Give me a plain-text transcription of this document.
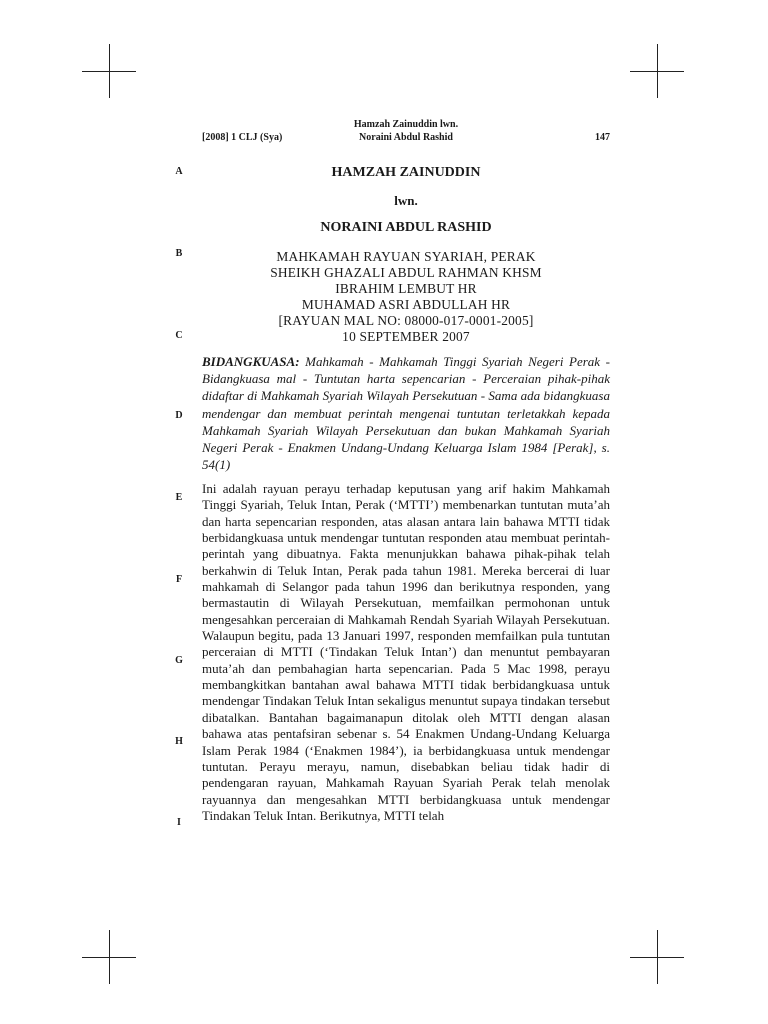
[2008] 1 CLJ (Sya)
Hamzah Zainuddin lwn.
Noraini Abdul Rashid	147
A
B
C
D
E
F
G
H
I
HAMZAH ZAINUDDIN
lwn.
NORAINI ABDUL RASHID
MAHKAMAH RAYUAN SYARIAH, PERAK
SHEIKH GHAZALI ABDUL RAHMAN KHSM
IBRAHIM LEMBUT HR
MUHAMAD ASRI ABDULLAH HR
[RAYUAN MAL NO: 08000-017-0001-2005]
10 SEPTEMBER 2007

BIDANGKUASA: Mahkamah - Mahkamah Tinggi Syariah Negeri Perak - Bidangkuasa mal - Tuntutan harta sepencarian - Perceraian pihak-pihak didaftar di Mahkamah Syariah Wilayah Persekutuan - Sama ada bidangkuasa mendengar dan membuat perintah mengenai tuntutan terletakkah kepada Mahkamah Syariah Wilayah Persekutuan dan bukan Mahkamah Syariah Negeri Perak - Enakmen Undang-Undang Keluarga Islam 1984 [Perak], s. 54(1)

Ini adalah rayuan perayu terhadap keputusan yang arif hakim Mahkamah Tinggi Syariah, Teluk Intan, Perak (‘MTTI’) membenarkan tuntutan muta’ah dan harta sepencarian responden, atas alasan antara lain bahawa MTTI tidak berbidangkuasa untuk mendengar tuntutan responden atau membuat perintah-perintah yang dibuatnya. Fakta menunjukkan bahawa pihak-pihak telah berkahwin di Teluk Intan, Perak pada tahun 1981. Mereka bercerai di luar mahkamah di Selangor pada tahun 1996 dan berikutnya responden, yang bermastautin di Wilayah Persekutuan, memfailkan permohonan untuk mengesahkan perceraian di Mahkamah Rendah Syariah Wilayah Persekutuan. Walaupun begitu, pada 13 Januari 1997, responden memfailkan pula tuntutan perceraian di MTTI (‘Tindakan Teluk Intan’) dan menuntut pembayaran muta’ah dan pembahagian harta sepencarian. Pada 5 Mac 1998, perayu membangkitkan bantahan awal bahawa MTTI tidak berbidangkuasa untuk mendengar Tindakan Teluk Intan sekaligus menuntut supaya tindakan tersebut dibatalkan. Bantahan bagaimanapun ditolak oleh MTTI dengan alasan bahawa atas pentafsiran sebenar s. 54 Enakmen Undang-Undang Keluarga Islam Perak 1984 (‘Enakmen 1984’), ia berbidangkuasa untuk mendengar tuntutan. Perayu merayu, namun, disebabkan beliau tidak hadir di pendengaran rayuan, Mahkamah Rayuan Syariah Perak telah menolak rayuannya dan mengesahkan MTTI berbidangkuasa untuk mendengar Tindakan Teluk Intan. Berikutnya, MTTI telah
